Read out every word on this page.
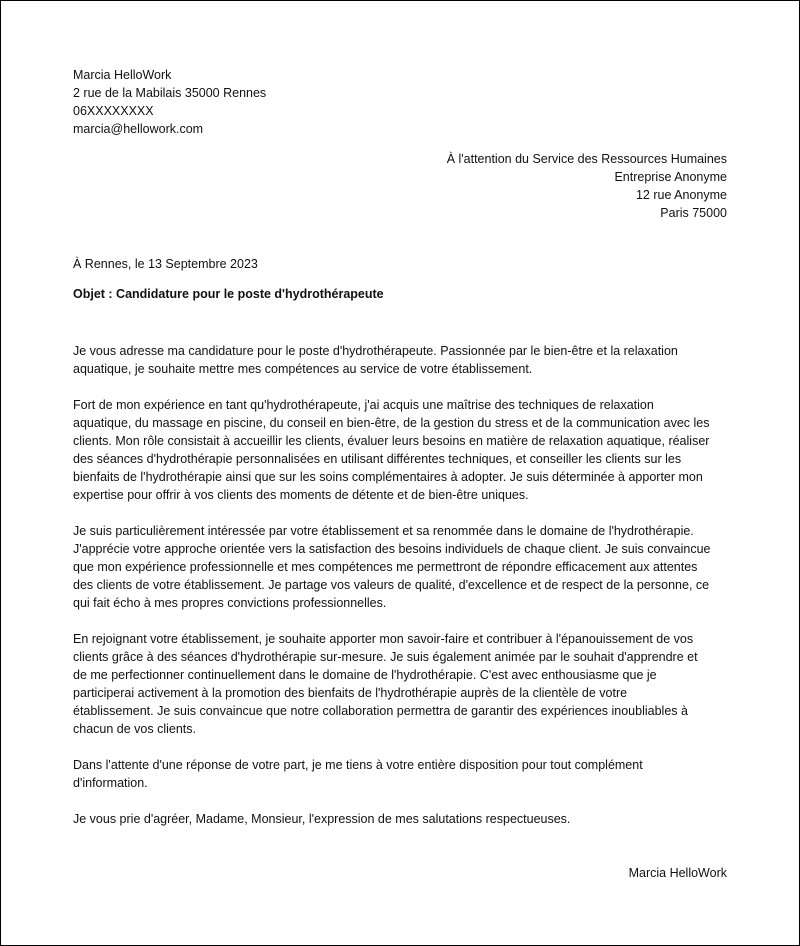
Marcia HelloWork
2 rue de la Mabilais 35000 Rennes
06XXXXXXXX
marcia@hellowork.com
À l'attention du Service des Ressources Humaines
Entreprise Anonyme
12 rue Anonyme
Paris 75000
À Rennes, le 13 Septembre 2023
Objet : Candidature pour le poste d'hydrothérapeute
Je vous adresse ma candidature pour le poste d'hydrothérapeute. Passionnée par le bien-être et la relaxation
aquatique, je souhaite mettre mes compétences au service de votre établissement.
Fort de mon expérience en tant qu'hydrothérapeute, j'ai acquis une maîtrise des techniques de relaxation
aquatique, du massage en piscine, du conseil en bien-être, de la gestion du stress et de la communication avec les
clients. Mon rôle consistait à accueillir les clients, évaluer leurs besoins en matière de relaxation aquatique, réaliser
des séances d'hydrothérapie personnalisées en utilisant différentes techniques, et conseiller les clients sur les
bienfaits de l'hydrothérapie ainsi que sur les soins complémentaires à adopter. Je suis déterminée à apporter mon
expertise pour offrir à vos clients des moments de détente et de bien-être uniques.
Je suis particulièrement intéressée par votre établissement et sa renommée dans le domaine de l'hydrothérapie.
J'apprécie votre approche orientée vers la satisfaction des besoins individuels de chaque client. Je suis convaincue
que mon expérience professionnelle et mes compétences me permettront de répondre efficacement aux attentes
des clients de votre établissement. Je partage vos valeurs de qualité, d'excellence et de respect de la personne, ce
qui fait écho à mes propres convictions professionnelles.
En rejoignant votre établissement, je souhaite apporter mon savoir-faire et contribuer à l'épanouissement de vos
clients grâce à des séances d'hydrothérapie sur-mesure. Je suis également animée par le souhait d'apprendre et
de me perfectionner continuellement dans le domaine de l'hydrothérapie. C'est avec enthousiasme que je
participerai activement à la promotion des bienfaits de l'hydrothérapie auprès de la clientèle de votre
établissement. Je suis convaincue que notre collaboration permettra de garantir des expériences inoubliables à
chacun de vos clients.
Dans l'attente d'une réponse de votre part, je me tiens à votre entière disposition pour tout complément
d'information.
Je vous prie d'agréer, Madame, Monsieur, l'expression de mes salutations respectueuses.
Marcia HelloWork
